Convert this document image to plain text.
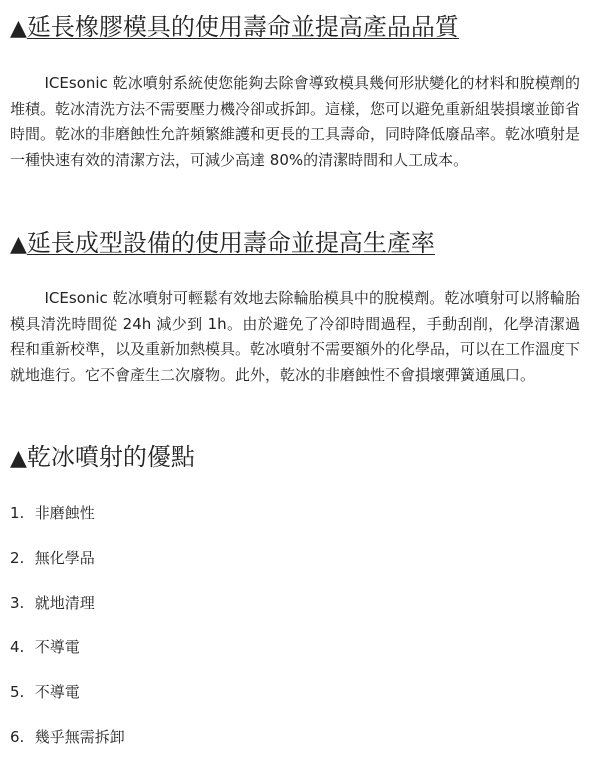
▲延長橡膠模具的使用壽命並提高產品品質

ICEsonic 乾冰噴射系統使您能夠去除會導致模具幾何形狀變化的材料和脫模劑的堆積。乾冰清洗方法不需要壓力機冷卻或拆卸。這樣，您可以避免重新組裝損壞並節省時間。乾冰的非磨蝕性允許頻繁維護和更長的工具壽命，同時降低廢品率。乾冰噴射是一種快速有效的清潔方法，可減少高達 80%的清潔時間和人工成本。

▲延長成型設備的使用壽命並提高生產率

ICEsonic 乾冰噴射可輕鬆有效地去除輪胎模具中的脫模劑。乾冰噴射可以將輪胎模具清洗時間從 24h 減少到 1h。由於避免了冷卻時間過程，手動刮削，化學清潔過程和重新校準，以及重新加熱模具。乾冰噴射不需要額外的化學品，可以在工作溫度下就地進行。它不會產生二次廢物。此外，乾冰的非磨蝕性不會損壞彈簧通風口。

▲乾冰噴射的優點
1. 非磨蝕性
2. 無化學品
3. 就地清理
4. 不導電
5. 不導電
6. 幾乎無需拆卸
